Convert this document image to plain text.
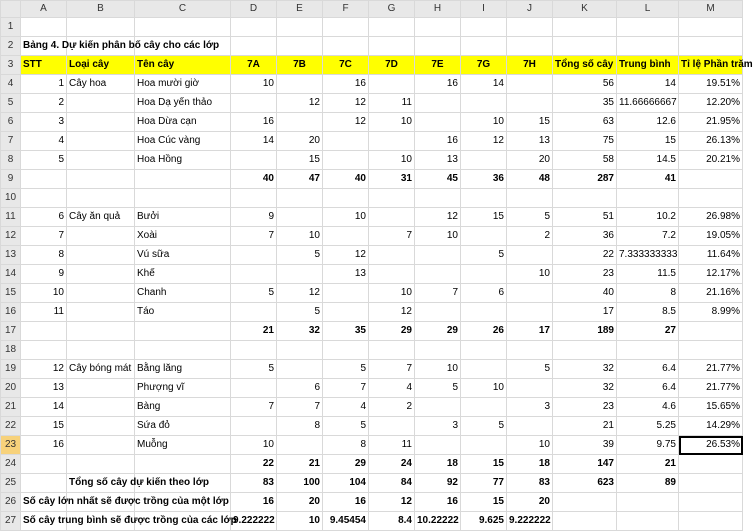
	A	B	C	D	E	F	G	H	I	J	K	L	M
1													
2	Bảng 4. Dự kiến phân bố cây cho các lớp												
3	STT	Loại cây	Tên cây	7A	7B	7C	7D	7E	7G	7H	Tổng số cây	Trung bình	Tỉ lệ Phần trăm
4	1	Cây hoa	Hoa mười giờ	10		16		16	14		56	14	19.51%
5	2		Hoa Dạ yến thảo		12	12	11				35	11.66666667	12.20%
6	3		Hoa Dừa cạn	16		12	10		10	15	63	12.6	21.95%
7	4		Hoa Cúc vàng	14	20			16	12	13	75	15	26.13%
8	5		Hoa Hồng		15		10	13		20	58	14.5	20.21%
9				40	47	40	31	45	36	48	287	41	
10													
11	6	Cây ăn quả	Bưởi	9		10		12	15	5	51	10.2	26.98%
12	7		Xoài	7	10		7	10		2	36	7.2	19.05%
13	8		Vú sữa		5	12			5		22	7.333333333	11.64%
14	9		Khế			13				10	23	11.5	12.17%
15	10		Chanh	5	12		10	7	6		40	8	21.16%
16	11		Táo		5		12				17	8.5	8.99%
17				21	32	35	29	29	26	17	189	27	
18													
19	12	Cây bóng mát	Bằng lăng	5		5	7	10		5	32	6.4	21.77%
20	13		Phượng vĩ		6	7	4	5	10		32	6.4	21.77%
21	14		Bàng	7	7	4	2			3	23	4.6	15.65%
22	15		Sứa đỏ		8	5		3	5		21	5.25	14.29%
23	16		Muỗng	10		8	11			10	39	9.75	26.53%
24				22	21	29	24	18	15	18	147	21	
25		Tổng số cây dự kiến theo lớp		83	100	104	84	92	77	83	623	89	
26	Số cây lớn nhất sẽ được trồng của một lớp			16	20	16	12	16	15	20			
27	Số cây trung bình sẽ được trồng của các lớp			9.222222	10	9.45454	8.4	10.22222	9.625	9.222222			
